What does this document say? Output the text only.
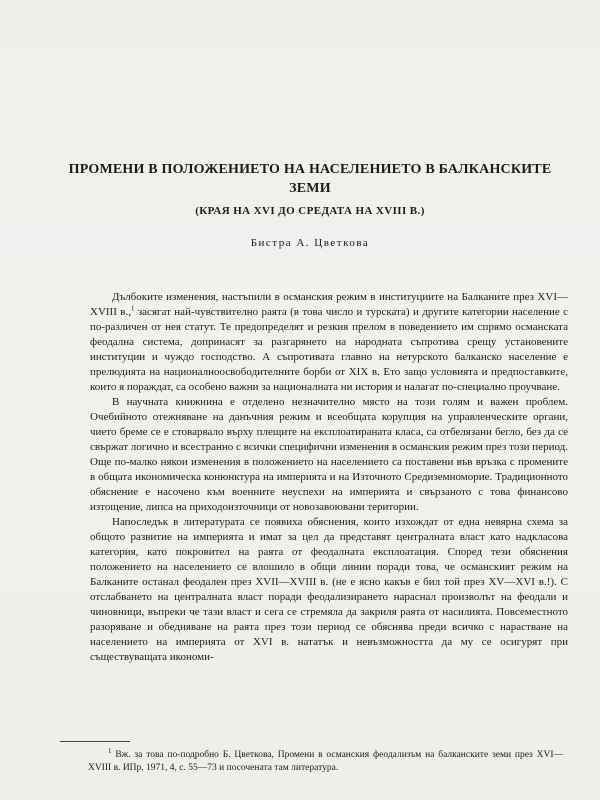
ПРОМЕНИ В ПОЛОЖЕНИЕТО НА НАСЕЛЕНИЕТО В БАЛКАНСКИТЕ ЗЕМИ
(КРАЯ НА XVI ДО СРЕДАТА НА XVIII В.)
Бистра А. Цветкова

Дълбоките изменения, настъпили в османския режим в институциите на Балканите през XVI—XVIII в.,$^1$ засягат най-чувствително раята (в това число и турската) и другите категории население с по-различен от нея статут. Те предопределят и резкия прелом в поведението им спрямо османската феодална система, допринасят за разгарянето на народната съпротива срещу установените институции и чуждо господство. А съпротивата главно на нетурското балканско население е прелюдията на националноосвободителните борби от XIX в. Ето защо условията и предпоставките, които я пораждат, са особено важни за националната ни история и налагат по-специално проучване.

В научната книжнина е отделено незначително място на този голям и важен проблем. Очебийното отежняване на данъчния режим и всеобщата корупция на управленческите органи, чието бреме се е стоварвало върху плещите на експлоатираната класа, са отбелязани бегло, без да се свържат логично и всестранно с всички специфични изменения в османския режим през този период. Още по-малко някои изменения в положението на населението са поставени във връзка с промените в общата икономическа конюнктура на империята и на Източното Средиземноморие. Традиционното обяснение е насочено към военните неуспехи на империята и свързаното с това финансово изтощение, липса на приходоизточници от новозавоювани територии.

Напоследък в литературата се появиха обяснения, които изхождат от една невярна схема за общото развитие на империята и имат за цел да представят централната власт като надкласова категория, като покровител на раята от феодалната експлоатация. Според тези обяснения положението на населението се влошило в общи линии поради това, че османският режим на Балканите останал феодален през XVII—XVIII в. (не е ясно какъв е бил той през XV—XVI в.!). С отслабването на централната власт поради феодализирането нараснал произволът на феодали и чиновници, въпреки че тази власт и сега се стремяла да закриля раята от насилията. Повсеместното разоряване и обедняване на раята през този период се обяснява преди всичко с нарастване на населението на империята от XVI в. нататък и невъзможността да му се осигурят при съществуващата икономи-

$^1$ Вж. за това по-подробно Б. Цветкова, Промени в османския феодализъм на балканските земи през XVI—XVIII в. ИПр, 1971, 4, с. 55—73 и посочената там литература.
